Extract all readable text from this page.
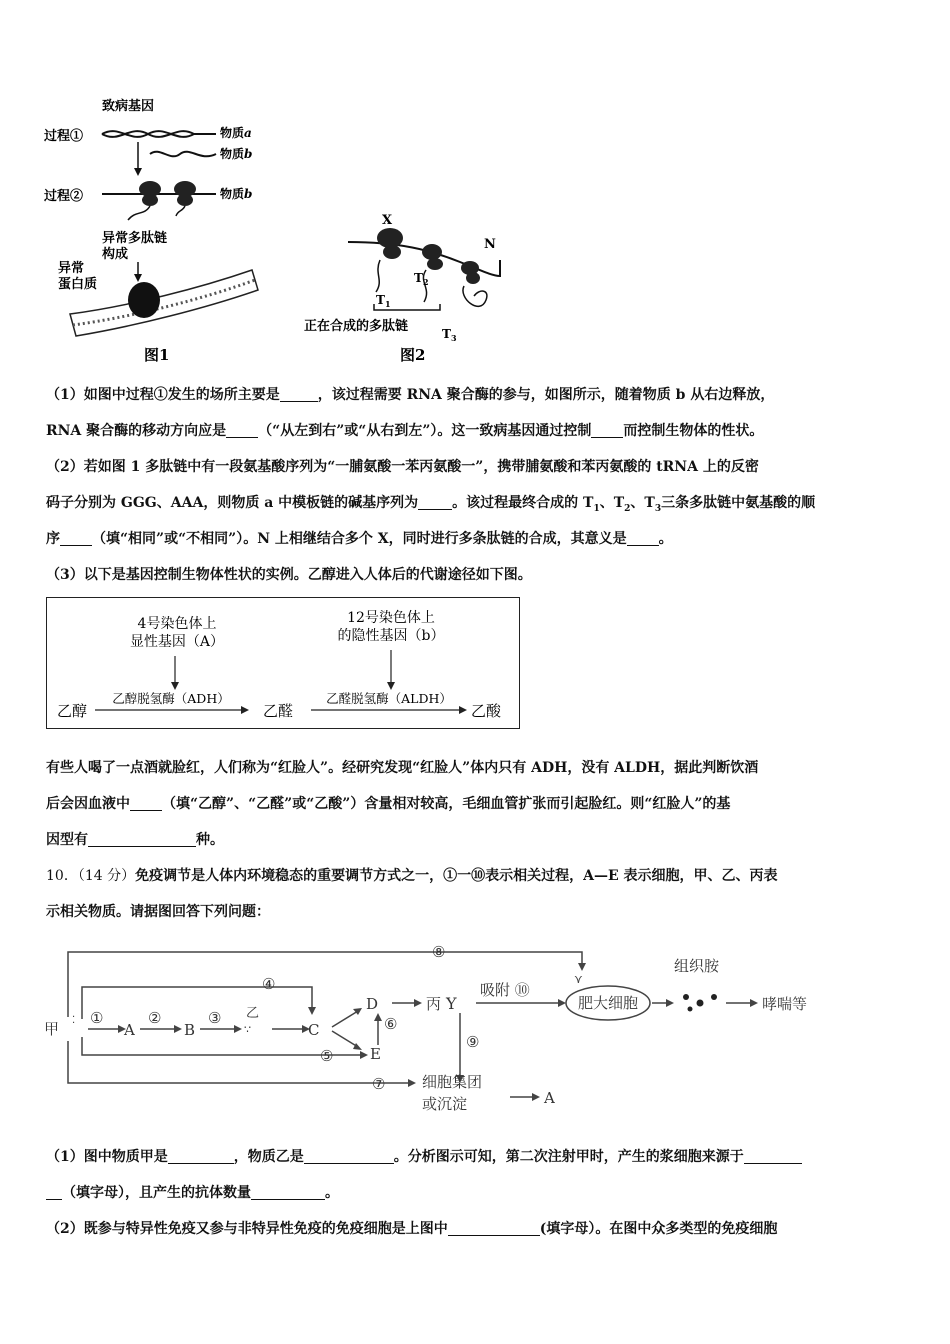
致病基因
过程①	物质a
物质b
过程②	物质b
异常多肽链
构成
异常
蛋白质
图1
X
N
$T_1$
$T_2$
$T_3$
正在合成的多肽链
图2
（1）如图中过程①发生的场所主要是	，该过程需要 RNA 聚合酶的参与，如图所示，随着物质 b 从右边释放，
RNA 聚合酶的移动方向应是 （“从左到右”或“从右到左”）。这一致病基因通过控制 而控制生物体的性状。
（2）若如图 1 多肽链中有一段氨基酸序列为“一脯氨酸一苯丙氨酸一”，携带脯氨酸和苯丙氨酸的 tRNA 上的反密
码子分别为 GGG、AAA，则物质 a 中模板链的碱基序列为 。该过程最终合成的 $T_1$、$T_2$、$T_3$三条多肽链中氨基酸的顺
序 （填“相同”或“不相同”）。N 上相继结合多个 X，同时进行多条肽链的合成，其意义是 。
（3）以下是基因控制生物体性状的实例。乙醇进入人体后的代谢途径如下图。
4号染色体上
显性基因（A）
12号染色体上
的隐性基因（b）
乙醇
乙醇脱氢酶（ADH）
乙醛
乙醛脱氢酶（ALDH）
乙酸
有些人喝了一点酒就脸红，人们称为“红脸人”。经研究发现“红脸人”体内只有 ADH，没有 ALDH，据此判断饮酒
后会因血液中 （填“乙醇”、“乙醛”或“乙酸”）含量相对较高，毛细血管扩张而引起脸红。则“红脸人”的基
因型有	种。
10．（14 分）免疫调节是人体内环境稳态的重要调节方式之一，①一⑩表示相关过程，A—E 表示细胞，甲、乙、丙表
示相关物质。请据图回答下列问题：
甲 ⁚ ①
A
②
B
③ 乙
∵	C
④
⑤
D
E
⑥
丙 Y
⑨
吸附 ⑩
⑧
⑦ 细胞集团
或沉淀	A
组织胺
哮喘等
肥大细胞
⋎
（1）图中物质甲是	，物质乙是	。分析图示可知，第二次注射甲时，产生的浆细胞来源于
（填字母），且产生的抗体数量	。
（2）既参与特异性免疫又参与非特异性免疫的免疫细胞是上图中	(填字母）。在图中众多类型的免疫细胞
